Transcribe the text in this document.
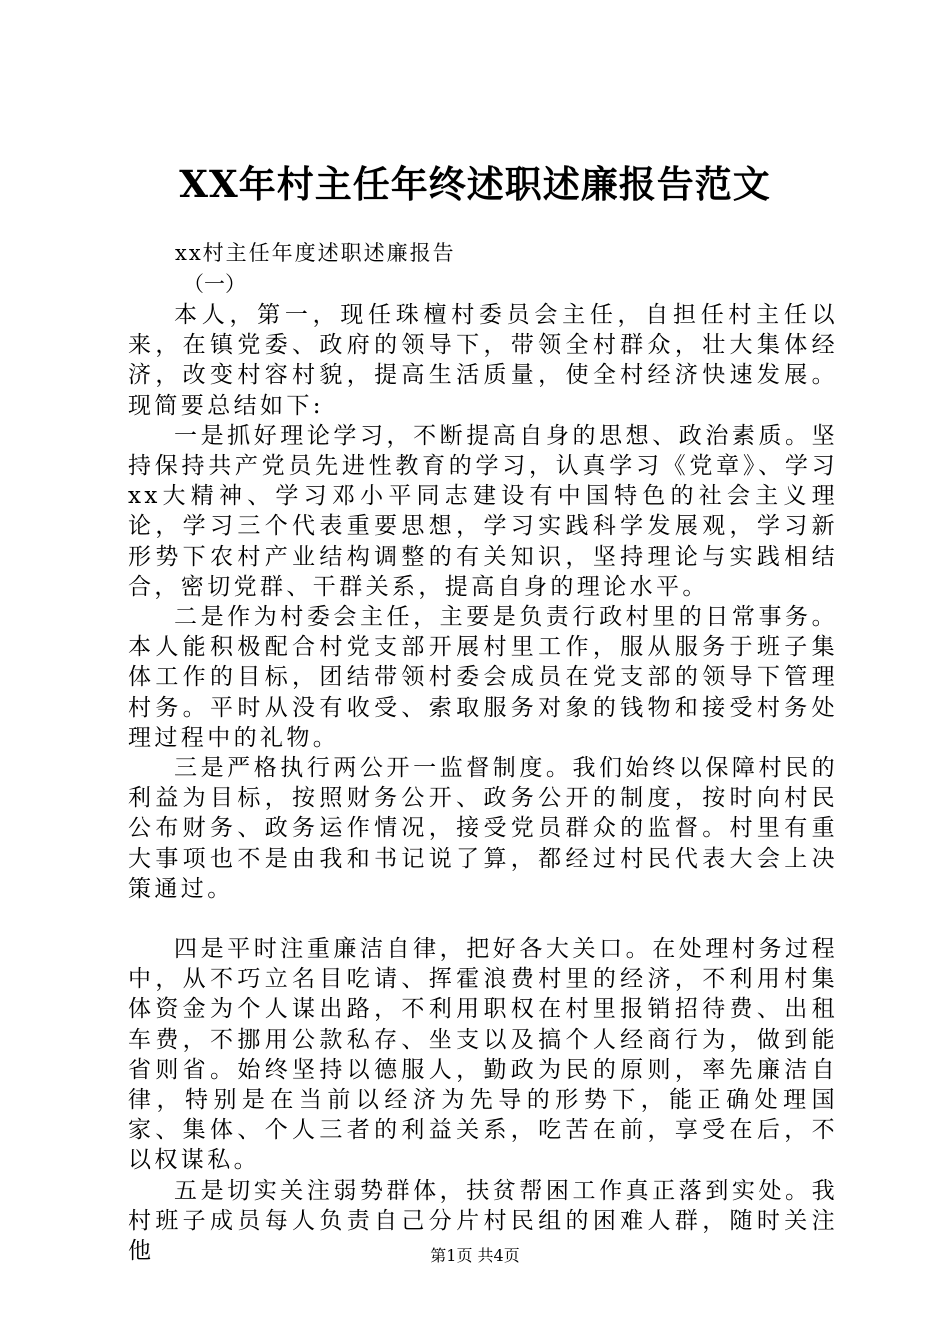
XX年村主任年终述职述廉报告范文
xx村主任年度述职述廉报告
（一）

本人，第一，现任珠檀村委员会主任，自担任村主任以来，在镇党委、政府的领导下，带领全村群众，壮大集体经济，改变村容村貌，提高生活质量，使全村经济快速发展。现简要总结如下:

一是抓好理论学习，不断提高自身的思想、政治素质。坚持保持共产党员先进性教育的学习，认真学习《党章》、学习xx大精神、学习邓小平同志建设有中国特色的社会主义理论，学习三个代表重要思想，学习实践科学发展观，学习新形势下农村产业结构调整的有关知识，坚持理论与实践相结合，密切党群、干群关系，提高自身的理论水平。

二是作为村委会主任，主要是负责行政村里的日常事务。本人能积极配合村党支部开展村里工作，服从服务于班子集体工作的目标，团结带领村委会成员在党支部的领导下管理村务。平时从没有收受、索取服务对象的钱物和接受村务处理过程中的礼物。

三是严格执行两公开一监督制度。我们始终以保障村民的利益为目标，按照财务公开、政务公开的制度，按时向村民公布财务、政务运作情况，接受党员群众的监督。村里有重大事项也不是由我和书记说了算，都经过村民代表大会上决策通过。

四是平时注重廉洁自律，把好各大关口。在处理村务过程中，从不巧立名目吃请、挥霍浪费村里的经济，不利用村集体资金为个人谋出路，不利用职权在村里报销招待费、出租车费，不挪用公款私存、坐支以及搞个人经商行为，做到能省则省。始终坚持以德服人，勤政为民的原则，率先廉洁自律，特别是在当前以经济为先导的形势下，能正确处理国家、集体、个人三者的利益关系，吃苦在前，享受在后，不以权谋私。

五是切实关注弱势群体，扶贫帮困工作真正落到实处。我村班子成员每人负责自己分片村民组的困难人群，随时关注他	第1页 共4页
